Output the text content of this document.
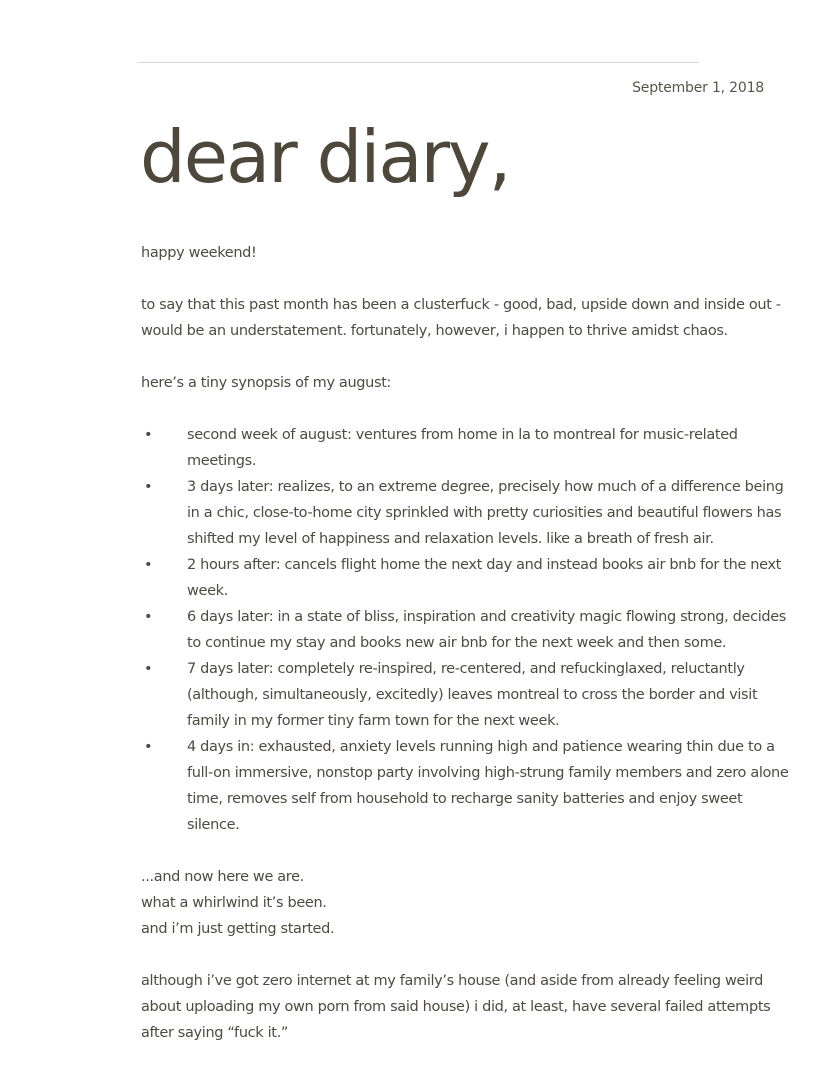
September 1, 2018
dear diary,

happy weekend!

to say that this past month has been a clusterfuck - good, bad, upside down and inside out - would be an understatement. fortunately, however, i happen to thrive amidst chaos.

here’s a tiny synopsis of my august:

• second week of august: ventures from home in la to montreal for music-related meetings.
• 3 days later: realizes, to an extreme degree, precisely how much of a difference being in a chic, close-to-home city sprinkled with pretty curiosities and beautiful flowers has shifted my level of happiness and relaxation levels. like a breath of fresh air.
• 2 hours after: cancels flight home the next day and instead books air bnb for the next week.
• 6 days later: in a state of bliss, inspiration and creativity magic flowing strong, decides to continue my stay and books new air bnb for the next week and then some.
• 7 days later: completely re-inspired, re-centered, and refuckinglaxed, reluctantly (although, simultaneously, excitedly) leaves montreal to cross the border and visit family in my former tiny farm town for the next week.
• 4 days in: exhausted, anxiety levels running high and patience wearing thin due to a full-on immersive, nonstop party involving high-strung family members and zero alone time, removes self from household to recharge sanity batteries and enjoy sweet silence.

...and now here we are.

what a whirlwind it’s been.

and i’m just getting started.

although i’ve got zero internet at my family’s house (and aside from already feeling weird about uploading my own porn from said house) i did, at least, have several failed attempts after saying “fuck it.”
